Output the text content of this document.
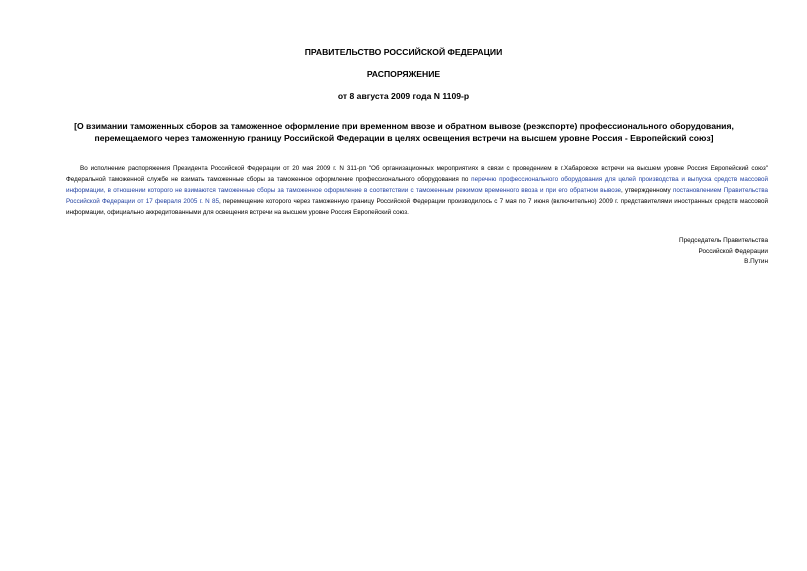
ПРАВИТЕЛЬСТВО РОССИЙСКОЙ ФЕДЕРАЦИИ
РАСПОРЯЖЕНИЕ
от 8 августа 2009 года N 1109-р
[О взимании таможенных сборов за таможенное оформление при временном ввозе и обратном вывозе (реэкспорте) профессионального оборудования,
перемещаемого через таможенную границу Российской Федерации в целях освещения встречи на высшем уровне Россия - Европейский союз]
Во исполнение распоряжения Президента Российской Федерации от 20 мая 2009 г. N 311-рп "Об организационных мероприятиях в связи с проведением в г.Хабаровске встречи на высшем уровне Россия Европейский союз" Федеральной таможенной службе не взимать таможенные сборы за таможенное оформление профессионального оборудования по перечню профессионального оборудования для целей производства и выпуска средств массовой информации, в отношении которого не взимаются таможенные сборы за таможенное оформление в соответствии с таможенным режимом временного ввоза и при его обратном вывозе, утвержденному постановлением Правительства Российской Федерации от 17 февраля 2005 г. N 85, перемещение которого через таможенную границу Российской Федерации производилось с 7 мая по 7 июня (включительно) 2009 г. представителями иностранных средств массовой информации, официально аккредитованными для освещения встречи на высшем уровне Россия Европейский союз.
Председатель Правительства
Российской Федерации
В.Путин
